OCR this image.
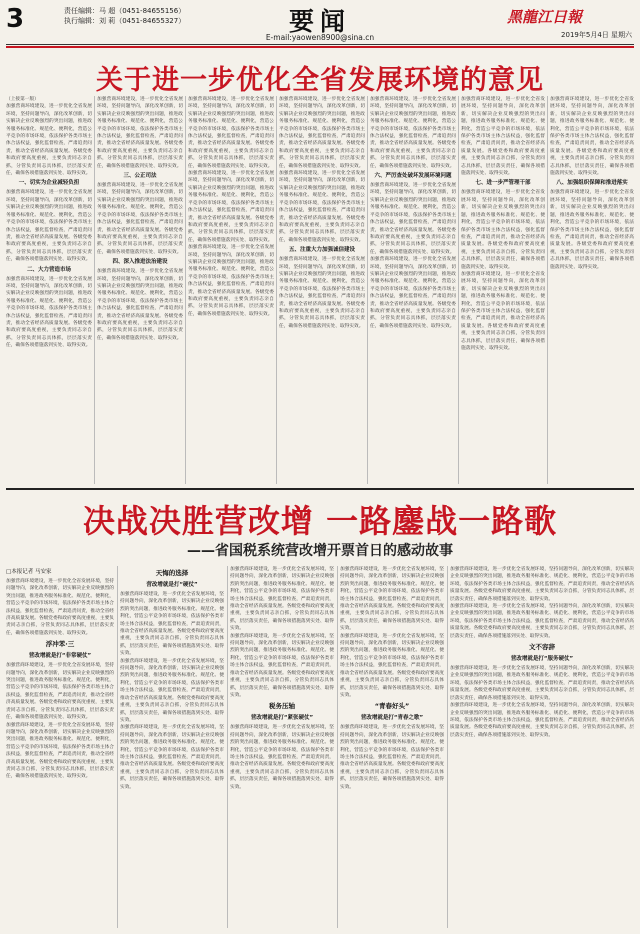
3	责任编辑：马 超（0451-84655156）
执行编辑：刘 莉（0451-84655327）	要闻
E-mail:yaowen8900@sina.cn
黑龍江日報
2019年5月4日 星期六
关于进一步优化全省发展环境的意见
（上接第一版）
加强营商环境建设，进一步优化全省发展环境，坚持问题导向，深化改革创新，切实解决企业反映强烈的突出问题，推进政务服务标准化、规范化、便利化，营造公平竞争的市场环境，依法保护各类市场主体合法权益，强化监督检查，严肃追责问责，推动全省经济高质量发展。各级党委和政府要高度重视，主要负责同志亲自抓，分管负责同志具体抓，层层落实责任，确保各项措施落到实处、取得实效。
一、切实为企业减轻负担
加强营商环境建设，进一步优化全省发展环境，坚持问题导向，深化改革创新，切实解决企业反映强烈的突出问题，推进政务服务标准化、规范化、便利化，营造公平竞争的市场环境，依法保护各类市场主体合法权益，强化监督检查，严肃追责问责，推动全省经济高质量发展。各级党委和政府要高度重视，主要负责同志亲自抓，分管负责同志具体抓，层层落实责任，确保各项措施落到实处、取得实效。
二、大力营造市场
加强营商环境建设，进一步优化全省发展环境，坚持问题导向，深化改革创新，切实解决企业反映强烈的突出问题，推进政务服务标准化、规范化、便利化，营造公平竞争的市场环境，依法保护各类市场主体合法权益，强化监督检查，严肃追责问责，推动全省经济高质量发展。各级党委和政府要高度重视，主要负责同志亲自抓，分管负责同志具体抓，层层落实责任，确保各项措施落到实处、取得实效。
加强营商环境建设，进一步优化全省发展环境，坚持问题导向，深化改革创新，切实解决企业反映强烈的突出问题，推进政务服务标准化、规范化、便利化，营造公平竞争的市场环境，依法保护各类市场主体合法权益，强化监督检查，严肃追责问责，推动全省经济高质量发展。各级党委和政府要高度重视，主要负责同志亲自抓，分管负责同志具体抓，层层落实责任，确保各项措施落到实处、取得实效。
三、公正司法
加强营商环境建设，进一步优化全省发展环境，坚持问题导向，深化改革创新，切实解决企业反映强烈的突出问题，推进政务服务标准化、规范化、便利化，营造公平竞争的市场环境，依法保护各类市场主体合法权益，强化监督检查，严肃追责问责，推动全省经济高质量发展。各级党委和政府要高度重视，主要负责同志亲自抓，分管负责同志具体抓，层层落实责任，确保各项措施落到实处、取得实效。
四、深入推进法治建设
加强营商环境建设，进一步优化全省发展环境，坚持问题导向，深化改革创新，切实解决企业反映强烈的突出问题，推进政务服务标准化、规范化、便利化，营造公平竞争的市场环境，依法保护各类市场主体合法权益，强化监督检查，严肃追责问责，推动全省经济高质量发展。各级党委和政府要高度重视，主要负责同志亲自抓，分管负责同志具体抓，层层落实责任，确保各项措施落到实处、取得实效。
加强营商环境建设，进一步优化全省发展环境，坚持问题导向，深化改革创新，切实解决企业反映强烈的突出问题，推进政务服务标准化、规范化、便利化，营造公平竞争的市场环境，依法保护各类市场主体合法权益，强化监督检查，严肃追责问责，推动全省经济高质量发展。各级党委和政府要高度重视，主要负责同志亲自抓，分管负责同志具体抓，层层落实责任，确保各项措施落到实处、取得实效。
加强营商环境建设，进一步优化全省发展环境，坚持问题导向，深化改革创新，切实解决企业反映强烈的突出问题，推进政务服务标准化、规范化、便利化，营造公平竞争的市场环境，依法保护各类市场主体合法权益，强化监督检查，严肃追责问责，推动全省经济高质量发展。各级党委和政府要高度重视，主要负责同志亲自抓，分管负责同志具体抓，层层落实责任，确保各项措施落到实处、取得实效。
加强营商环境建设，进一步优化全省发展环境，坚持问题导向，深化改革创新，切实解决企业反映强烈的突出问题，推进政务服务标准化、规范化、便利化，营造公平竞争的市场环境，依法保护各类市场主体合法权益，强化监督检查，严肃追责问责，推动全省经济高质量发展。各级党委和政府要高度重视，主要负责同志亲自抓，分管负责同志具体抓，层层落实责任，确保各项措施落到实处、取得实效。
加强营商环境建设，进一步优化全省发展环境，坚持问题导向，深化改革创新，切实解决企业反映强烈的突出问题，推进政务服务标准化、规范化、便利化，营造公平竞争的市场环境，依法保护各类市场主体合法权益，强化监督检查，严肃追责问责，推动全省经济高质量发展。各级党委和政府要高度重视，主要负责同志亲自抓，分管负责同志具体抓，层层落实责任，确保各项措施落到实处、取得实效。
加强营商环境建设，进一步优化全省发展环境，坚持问题导向，深化改革创新，切实解决企业反映强烈的突出问题，推进政务服务标准化、规范化、便利化，营造公平竞争的市场环境，依法保护各类市场主体合法权益，强化监督检查，严肃追责问责，推动全省经济高质量发展。各级党委和政府要高度重视，主要负责同志亲自抓，分管负责同志具体抓，层层落实责任，确保各项措施落到实处、取得实效。
五、注重大力加强诚信建设
加强营商环境建设，进一步优化全省发展环境，坚持问题导向，深化改革创新，切实解决企业反映强烈的突出问题，推进政务服务标准化、规范化、便利化，营造公平竞争的市场环境，依法保护各类市场主体合法权益，强化监督检查，严肃追责问责，推动全省经济高质量发展。各级党委和政府要高度重视，主要负责同志亲自抓，分管负责同志具体抓，层层落实责任，确保各项措施落到实处、取得实效。
加强营商环境建设，进一步优化全省发展环境，坚持问题导向，深化改革创新，切实解决企业反映强烈的突出问题，推进政务服务标准化、规范化、便利化，营造公平竞争的市场环境，依法保护各类市场主体合法权益，强化监督检查，严肃追责问责，推动全省经济高质量发展。各级党委和政府要高度重视，主要负责同志亲自抓，分管负责同志具体抓，层层落实责任，确保各项措施落到实处、取得实效。
六、严厉查处破坏发展环境问题
加强营商环境建设，进一步优化全省发展环境，坚持问题导向，深化改革创新，切实解决企业反映强烈的突出问题，推进政务服务标准化、规范化、便利化，营造公平竞争的市场环境，依法保护各类市场主体合法权益，强化监督检查，严肃追责问责，推动全省经济高质量发展。各级党委和政府要高度重视，主要负责同志亲自抓，分管负责同志具体抓，层层落实责任，确保各项措施落到实处、取得实效。
加强营商环境建设，进一步优化全省发展环境，坚持问题导向，深化改革创新，切实解决企业反映强烈的突出问题，推进政务服务标准化、规范化、便利化，营造公平竞争的市场环境，依法保护各类市场主体合法权益，强化监督检查，严肃追责问责，推动全省经济高质量发展。各级党委和政府要高度重视，主要负责同志亲自抓，分管负责同志具体抓，层层落实责任，确保各项措施落到实处、取得实效。
加强营商环境建设，进一步优化全省发展环境，坚持问题导向，深化改革创新，切实解决企业反映强烈的突出问题，推进政务服务标准化、规范化、便利化，营造公平竞争的市场环境，依法保护各类市场主体合法权益，强化监督检查，严肃追责问责，推动全省经济高质量发展。各级党委和政府要高度重视，主要负责同志亲自抓，分管负责同志具体抓，层层落实责任，确保各项措施落到实处、取得实效。
七、进一步严管理干部
加强营商环境建设，进一步优化全省发展环境，坚持问题导向，深化改革创新，切实解决企业反映强烈的突出问题，推进政务服务标准化、规范化、便利化，营造公平竞争的市场环境，依法保护各类市场主体合法权益，强化监督检查，严肃追责问责，推动全省经济高质量发展。各级党委和政府要高度重视，主要负责同志亲自抓，分管负责同志具体抓，层层落实责任，确保各项措施落到实处、取得实效。
加强营商环境建设，进一步优化全省发展环境，坚持问题导向，深化改革创新，切实解决企业反映强烈的突出问题，推进政务服务标准化、规范化、便利化，营造公平竞争的市场环境，依法保护各类市场主体合法权益，强化监督检查，严肃追责问责，推动全省经济高质量发展。各级党委和政府要高度重视，主要负责同志亲自抓，分管负责同志具体抓，层层落实责任，确保各项措施落到实处、取得实效。
加强营商环境建设，进一步优化全省发展环境，坚持问题导向，深化改革创新，切实解决企业反映强烈的突出问题，推进政务服务标准化、规范化、便利化，营造公平竞争的市场环境，依法保护各类市场主体合法权益，强化监督检查，严肃追责问责，推动全省经济高质量发展。各级党委和政府要高度重视，主要负责同志亲自抓，分管负责同志具体抓，层层落实责任，确保各项措施落到实处、取得实效。
八、加强组织保障和推进落实
加强营商环境建设，进一步优化全省发展环境，坚持问题导向，深化改革创新，切实解决企业反映强烈的突出问题，推进政务服务标准化、规范化、便利化，营造公平竞争的市场环境，依法保护各类市场主体合法权益，强化监督检查，严肃追责问责，推动全省经济高质量发展。各级党委和政府要高度重视，主要负责同志亲自抓，分管负责同志具体抓，层层落实责任，确保各项措施落到实处、取得实效。
决战决胜营改增 一路鏖战一路歌
——省国税系统营改增开票首日的感动故事
□本报记者 马安家
加强营商环境建设，进一步优化全省发展环境，坚持问题导向，深化改革创新，切实解决企业反映强烈的突出问题，推进政务服务标准化、规范化、便利化，营造公平竞争的市场环境，依法保护各类市场主体合法权益，强化监督检查，严肃追责问责，推动全省经济高质量发展。各级党委和政府要高度重视，主要负责同志亲自抓，分管负责同志具体抓，层层落实责任，确保各项措施落到实处、取得实效。
浮冲苯·三
营改增就是打“非常硬仗”
加强营商环境建设，进一步优化全省发展环境，坚持问题导向，深化改革创新，切实解决企业反映强烈的突出问题，推进政务服务标准化、规范化、便利化，营造公平竞争的市场环境，依法保护各类市场主体合法权益，强化监督检查，严肃追责问责，推动全省经济高质量发展。各级党委和政府要高度重视，主要负责同志亲自抓，分管负责同志具体抓，层层落实责任，确保各项措施落到实处、取得实效。
加强营商环境建设，进一步优化全省发展环境，坚持问题导向，深化改革创新，切实解决企业反映强烈的突出问题，推进政务服务标准化、规范化、便利化，营造公平竞争的市场环境，依法保护各类市场主体合法权益，强化监督检查，严肃追责问责，推动全省经济高质量发展。各级党委和政府要高度重视，主要负责同志亲自抓，分管负责同志具体抓，层层落实责任，确保各项措施落到实处、取得实效。
天悔的选择
营改增就是打“硬仗”
加强营商环境建设，进一步优化全省发展环境，坚持问题导向，深化改革创新，切实解决企业反映强烈的突出问题，推进政务服务标准化、规范化、便利化，营造公平竞争的市场环境，依法保护各类市场主体合法权益，强化监督检查，严肃追责问责，推动全省经济高质量发展。各级党委和政府要高度重视，主要负责同志亲自抓，分管负责同志具体抓，层层落实责任，确保各项措施落到实处、取得实效。
加强营商环境建设，进一步优化全省发展环境，坚持问题导向，深化改革创新，切实解决企业反映强烈的突出问题，推进政务服务标准化、规范化、便利化，营造公平竞争的市场环境，依法保护各类市场主体合法权益，强化监督检查，严肃追责问责，推动全省经济高质量发展。各级党委和政府要高度重视，主要负责同志亲自抓，分管负责同志具体抓，层层落实责任，确保各项措施落到实处、取得实效。
加强营商环境建设，进一步优化全省发展环境，坚持问题导向，深化改革创新，切实解决企业反映强烈的突出问题，推进政务服务标准化、规范化、便利化，营造公平竞争的市场环境，依法保护各类市场主体合法权益，强化监督检查，严肃追责问责，推动全省经济高质量发展。各级党委和政府要高度重视，主要负责同志亲自抓，分管负责同志具体抓，层层落实责任，确保各项措施落到实处、取得实效。
加强营商环境建设，进一步优化全省发展环境，坚持问题导向，深化改革创新，切实解决企业反映强烈的突出问题，推进政务服务标准化、规范化、便利化，营造公平竞争的市场环境，依法保护各类市场主体合法权益，强化监督检查，严肃追责问责，推动全省经济高质量发展。各级党委和政府要高度重视，主要负责同志亲自抓，分管负责同志具体抓，层层落实责任，确保各项措施落到实处、取得实效。
加强营商环境建设，进一步优化全省发展环境，坚持问题导向，深化改革创新，切实解决企业反映强烈的突出问题，推进政务服务标准化、规范化、便利化，营造公平竞争的市场环境，依法保护各类市场主体合法权益，强化监督检查，严肃追责问责，推动全省经济高质量发展。各级党委和政府要高度重视，主要负责同志亲自抓，分管负责同志具体抓，层层落实责任，确保各项措施落到实处、取得实效。
税务压轴
营改增就是打“紧张硬仗”
加强营商环境建设，进一步优化全省发展环境，坚持问题导向，深化改革创新，切实解决企业反映强烈的突出问题，推进政务服务标准化、规范化、便利化，营造公平竞争的市场环境，依法保护各类市场主体合法权益，强化监督检查，严肃追责问责，推动全省经济高质量发展。各级党委和政府要高度重视，主要负责同志亲自抓，分管负责同志具体抓，层层落实责任，确保各项措施落到实处、取得实效。
加强营商环境建设，进一步优化全省发展环境，坚持问题导向，深化改革创新，切实解决企业反映强烈的突出问题，推进政务服务标准化、规范化、便利化，营造公平竞争的市场环境，依法保护各类市场主体合法权益，强化监督检查，严肃追责问责，推动全省经济高质量发展。各级党委和政府要高度重视，主要负责同志亲自抓，分管负责同志具体抓，层层落实责任，确保各项措施落到实处、取得实效。
加强营商环境建设，进一步优化全省发展环境，坚持问题导向，深化改革创新，切实解决企业反映强烈的突出问题，推进政务服务标准化、规范化、便利化，营造公平竞争的市场环境，依法保护各类市场主体合法权益，强化监督检查，严肃追责问责，推动全省经济高质量发展。各级党委和政府要高度重视，主要负责同志亲自抓，分管负责同志具体抓，层层落实责任，确保各项措施落到实处、取得实效。
“青春好头”
营改增就是打“青春之歌”
加强营商环境建设，进一步优化全省发展环境，坚持问题导向，深化改革创新，切实解决企业反映强烈的突出问题，推进政务服务标准化、规范化、便利化，营造公平竞争的市场环境，依法保护各类市场主体合法权益，强化监督检查，严肃追责问责，推动全省经济高质量发展。各级党委和政府要高度重视，主要负责同志亲自抓，分管负责同志具体抓，层层落实责任，确保各项措施落到实处、取得实效。
加强营商环境建设，进一步优化全省发展环境，坚持问题导向，深化改革创新，切实解决企业反映强烈的突出问题，推进政务服务标准化、规范化、便利化，营造公平竞争的市场环境，依法保护各类市场主体合法权益，强化监督检查，严肃追责问责，推动全省经济高质量发展。各级党委和政府要高度重视，主要负责同志亲自抓，分管负责同志具体抓，层层落实责任，确保各项措施落到实处、取得实效。
加强营商环境建设，进一步优化全省发展环境，坚持问题导向，深化改革创新，切实解决企业反映强烈的突出问题，推进政务服务标准化、规范化、便利化，营造公平竞争的市场环境，依法保护各类市场主体合法权益，强化监督检查，严肃追责问责，推动全省经济高质量发展。各级党委和政府要高度重视，主要负责同志亲自抓，分管负责同志具体抓，层层落实责任，确保各项措施落到实处、取得实效。
文不容辞
营改增就是打“服务硬仗”
加强营商环境建设，进一步优化全省发展环境，坚持问题导向，深化改革创新，切实解决企业反映强烈的突出问题，推进政务服务标准化、规范化、便利化，营造公平竞争的市场环境，依法保护各类市场主体合法权益，强化监督检查，严肃追责问责，推动全省经济高质量发展。各级党委和政府要高度重视，主要负责同志亲自抓，分管负责同志具体抓，层层落实责任，确保各项措施落到实处、取得实效。
加强营商环境建设，进一步优化全省发展环境，坚持问题导向，深化改革创新，切实解决企业反映强烈的突出问题，推进政务服务标准化、规范化、便利化，营造公平竞争的市场环境，依法保护各类市场主体合法权益，强化监督检查，严肃追责问责，推动全省经济高质量发展。各级党委和政府要高度重视，主要负责同志亲自抓，分管负责同志具体抓，层层落实责任，确保各项措施落到实处、取得实效。
